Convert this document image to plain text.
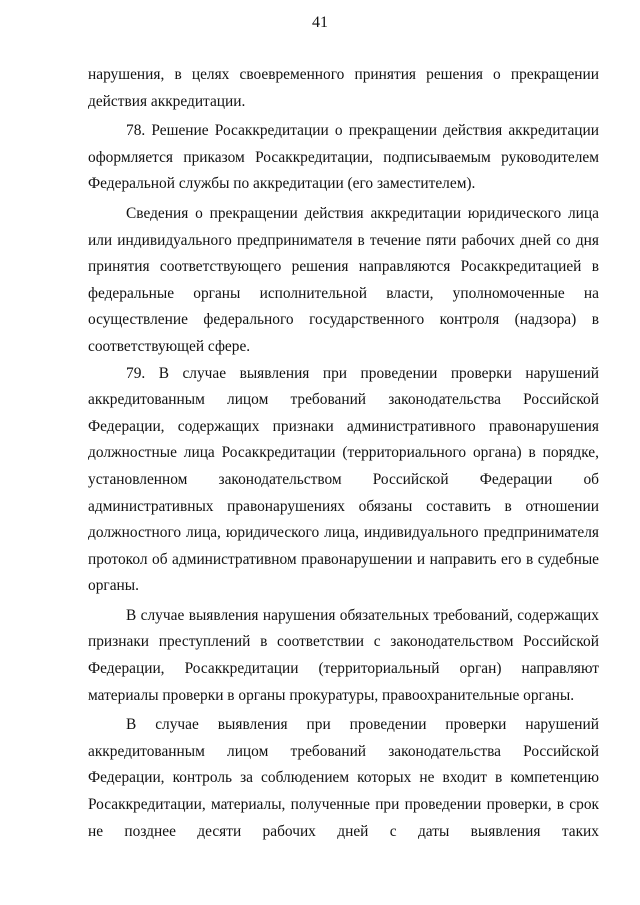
41

нарушения, в целях своевременного принятия решения о прекращении действия аккредитации.

78. Решение Росаккредитации о прекращении действия аккредитации оформляется приказом Росаккредитации, подписываемым руководителем Федеральной службы по аккредитации (его заместителем).

Сведения о прекращении действия аккредитации юридического лица или индивидуального предпринимателя в течение пяти рабочих дней со дня принятия соответствующего решения направляются Росаккредитацией в федеральные органы исполнительной власти, уполномоченные на осуществление федерального государственного контроля (надзора) в соответствующей сфере.

79. В случае выявления при проведении проверки нарушений аккредитованным лицом требований законодательства Российской Федерации, содержащих признаки административного правонарушения должностные лица Росаккредитации (территориального органа) в порядке, установленном законодательством Российской Федерации об административных правонарушениях обязаны составить в отношении должностного лица, юридического лица, индивидуального предпринимателя протокол об административном правонарушении и направить его в судебные органы.

В случае выявления нарушения обязательных требований, содержащих признаки преступлений в соответствии с законодательством Российской Федерации, Росаккредитации (территориальный орган) направляют материалы проверки в органы прокуратуры, правоохранительные органы.

В случае выявления при проведении проверки нарушений аккредитованным лицом требований законодательства Российской Федерации, контроль за соблюдением которых не входит в компетенцию Росаккредитации, материалы, полученные при проведении проверки, в срок не позднее десяти рабочих дней с даты выявления таких
